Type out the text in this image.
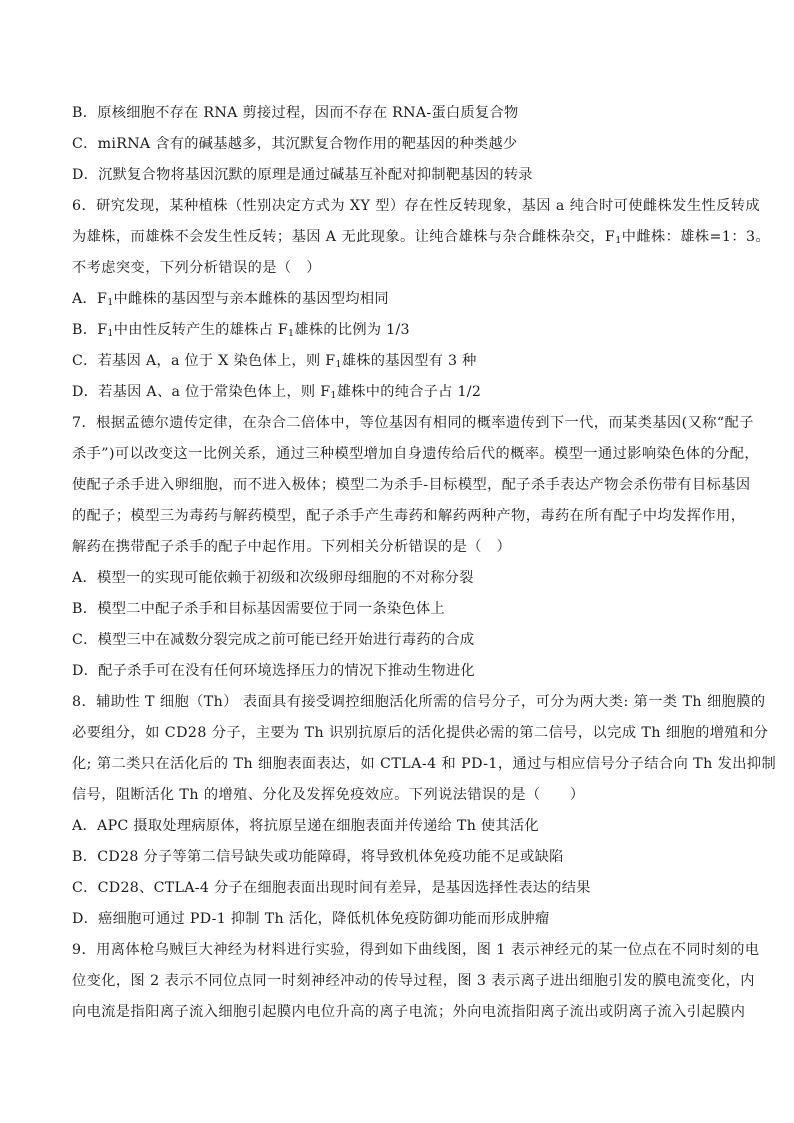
B．原核细胞不存在 RNA 剪接过程，因而不存在 RNA-蛋白质复合物
C．miRNA 含有的碱基越多，其沉默复合物作用的靶基因的种类越少
D．沉默复合物将基因沉默的原理是通过碱基互补配对抑制靶基因的转录
6．研究发现，某种植株（性别决定方式为 XY 型）存在性反转现象，基因 a 纯合时可使雌株发生性反转成
为雄株，而雄株不会发生性反转；基因 A 无此现象。让纯合雄株与杂合雌株杂交，$F_1$中雌株：雄株=1：3。
不考虑突变，下列分析错误的是（　）
A．$F_1$中雌株的基因型与亲本雌株的基因型均相同
B．$F_1$中由性反转产生的雄株占 $F_1$雄株的比例为 1/3
C．若基因 A，a 位于 X 染色体上，则 $F_1$雄株的基因型有 3 种
D．若基因 A、a 位于常染色体上，则 $F_1$雄株中的纯合子占 1/2
7．根据孟德尔遗传定律，在杂合二倍体中，等位基因有相同的概率遗传到下一代，而某类基因(又称“配子
杀手”)可以改变这一比例关系，通过三种模型增加自身遗传给后代的概率。模型一通过影响染色体的分配，
使配子杀手进入卵细胞，而不进入极体；模型二为杀手-目标模型，配子杀手表达产物会杀伤带有目标基因
的配子；模型三为毒药与解药模型，配子杀手产生毒药和解药两种产物，毒药在所有配子中均发挥作用，
解药在携带配子杀手的配子中起作用。下列相关分析错误的是（　）
A．模型一的实现可能依赖于初级和次级卵母细胞的不对称分裂
B．模型二中配子杀手和目标基因需要位于同一条染色体上
C．模型三中在减数分裂完成之前可能已经开始进行毒药的合成
D．配子杀手可在没有任何环境选择压力的情况下推动生物进化
8．辅助性 T 细胞（Th） 表面具有接受调控细胞活化所需的信号分子，可分为两大类: 第一类 Th 细胞膜的
必要组分，如 CD28 分子，主要为 Th 识别抗原后的活化提供必需的第二信号，以完成 Th 细胞的增殖和分
化; 第二类只在活化后的 Th 细胞表面表达，如 CTLA-4 和 PD-1，通过与相应信号分子结合向 Th 发出抑制
信号，阻断活化 Th 的增殖、分化及发挥免疫效应。下列说法错误的是（　　）
A．APC 摄取处理病原体，将抗原呈递在细胞表面并传递给 Th 使其活化
B．CD28 分子等第二信号缺失或功能障碍，将导致机体免疫功能不足或缺陷
C．CD28、CTLA-4 分子在细胞表面出现时间有差异，是基因选择性表达的结果
D．癌细胞可通过 PD-1 抑制 Th 活化，降低机体免疫防御功能而形成肿瘤
9．用离体枪乌贼巨大神经为材料进行实验，得到如下曲线图，图 1 表示神经元的某一位点在不同时刻的电
位变化，图 2 表示不同位点同一时刻神经冲动的传导过程，图 3 表示离子进出细胞引发的膜电流变化，内
向电流是指阳离子流入细胞引起膜内电位升高的离子电流；外向电流指阳离子流出或阴离子流入引起膜内
